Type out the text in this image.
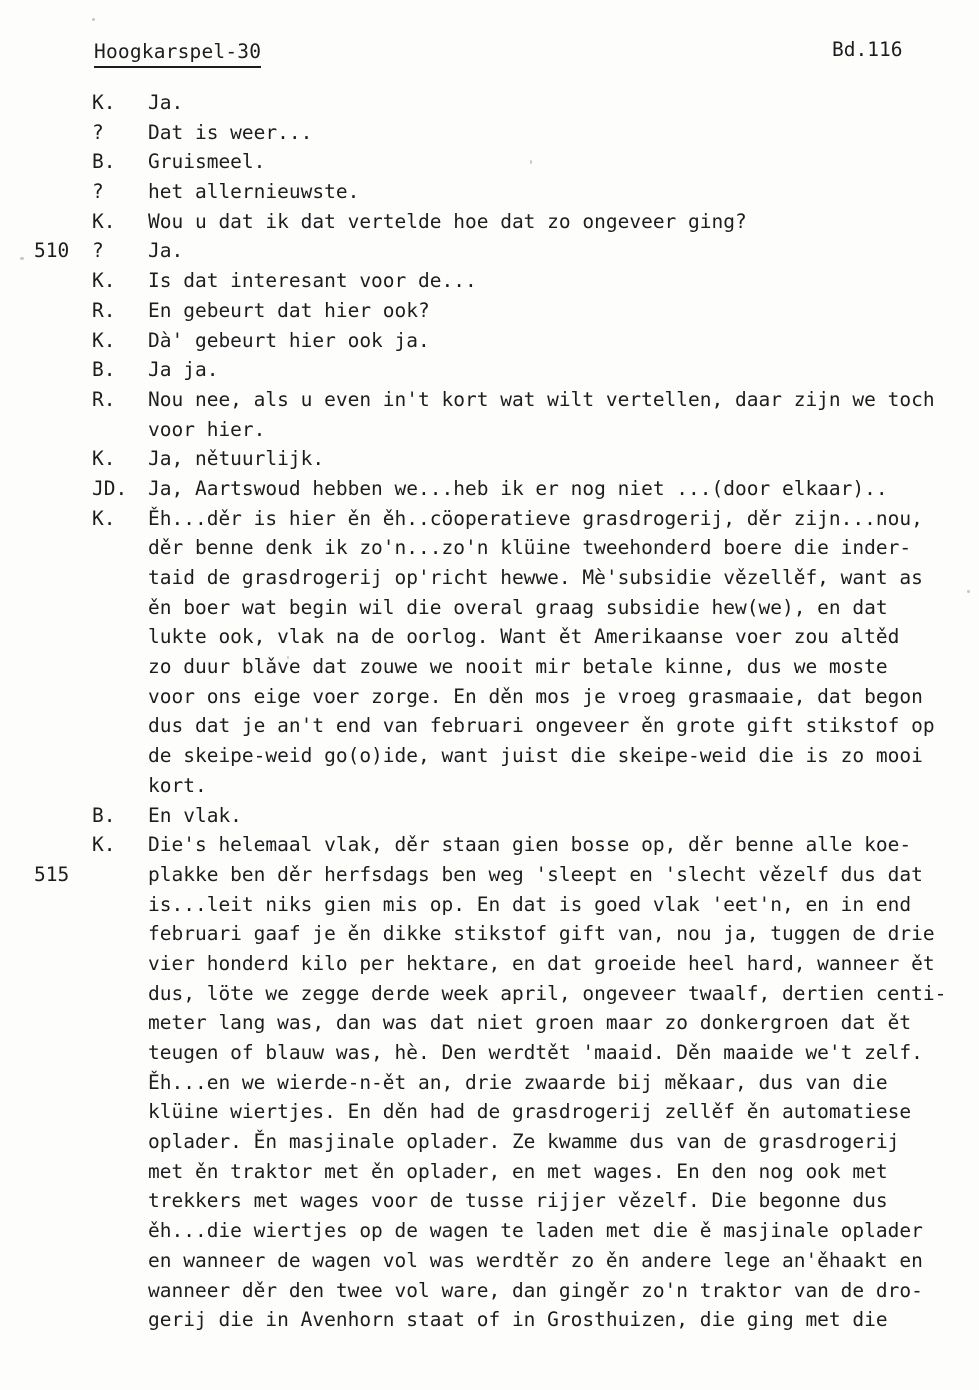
Hoogkarspel-30	Bd.116
K.	Ja.
?	Dat is weer...
B.	Gruismeel.
?	het allernieuwste.
K.	Wou u dat ik dat vertelde hoe dat zo ongeveer ging?
510	?	Ja.
K.	Is dat interesant voor de...
R.	En gebeurt dat hier ook?
K.	Dà' gebeurt hier ook ja.
B.	Ja ja.
R.	Nou nee, als u even in't kort wat wilt vertellen, daar zijn we toch
voor hier.
K.	Ja, nětuurlijk.
JD.	Ja, Aartswoud hebben we...heb ik er nog niet ...(door elkaar)..
K.	Ěh...děr is hier ěn ěh..cöoperatieve grasdrogerij, děr zijn...nou,
děr benne denk ik zo'n...zo'n klüine tweehonderd boere die inder-
taid de grasdrogerij op'richt hewwe. Mè'subsidie vězellěf, want as
ěn boer wat begin wil die overal graag subsidie hew(we), en dat
lukte ook, vlak na de oorlog. Want ět Amerikaanse voer zou altěd
zo duur blǎve dat zouwe we nooit mir betale kinne, dus we moste
voor ons eige voer zorge. En děn mos je vroeg grasmaaie, dat begon
dus dat je an't end van februari ongeveer ěn grote gift stikstof op
de skeipe-weid go(o)ide, want juist die skeipe-weid die is zo mooi
kort.
B.	En vlak.
K.	Die's helemaal vlak, děr staan gien bosse op, děr benne alle koe-
515	plakke ben děr herfsdags ben weg 'sleept en 'slecht vězelf dus dat
is...leit niks gien mis op. En dat is goed vlak 'eet'n, en in end
februari gaaf je ěn dikke stikstof gift van, nou ja, tuggen de drie
vier honderd kilo per hektare, en dat groeide heel hard, wanneer ět
dus, löte we zegge derde week april, ongeveer twaalf, dertien centi-
meter lang was, dan was dat niet groen maar zo donkergroen dat ět
teugen of blauw was, hè. Den werdtět 'maaid. Děn maaide we't zelf.
Ěh...en we wierde-n-ět an, drie zwaarde bij měkaar, dus van die
klüine wiertjes. En děn had de grasdrogerij zellěf ěn automatiese
oplader. Ěn masjinale oplader. Ze kwamme dus van de grasdrogerij
met ěn traktor met ěn oplader, en met wages. En den nog ook met
trekkers met wages voor de tusse rijjer vězelf. Die begonne dus
ěh...die wiertjes op de wagen te laden met die ě masjinale oplader
en wanneer de wagen vol was werdtěr zo ěn andere lege an'ěhaakt en
wanneer děr den twee vol ware, dan gingěr zo'n traktor van de dro-
gerij die in Avenhorn staat of in Grosthuizen, die ging met die
